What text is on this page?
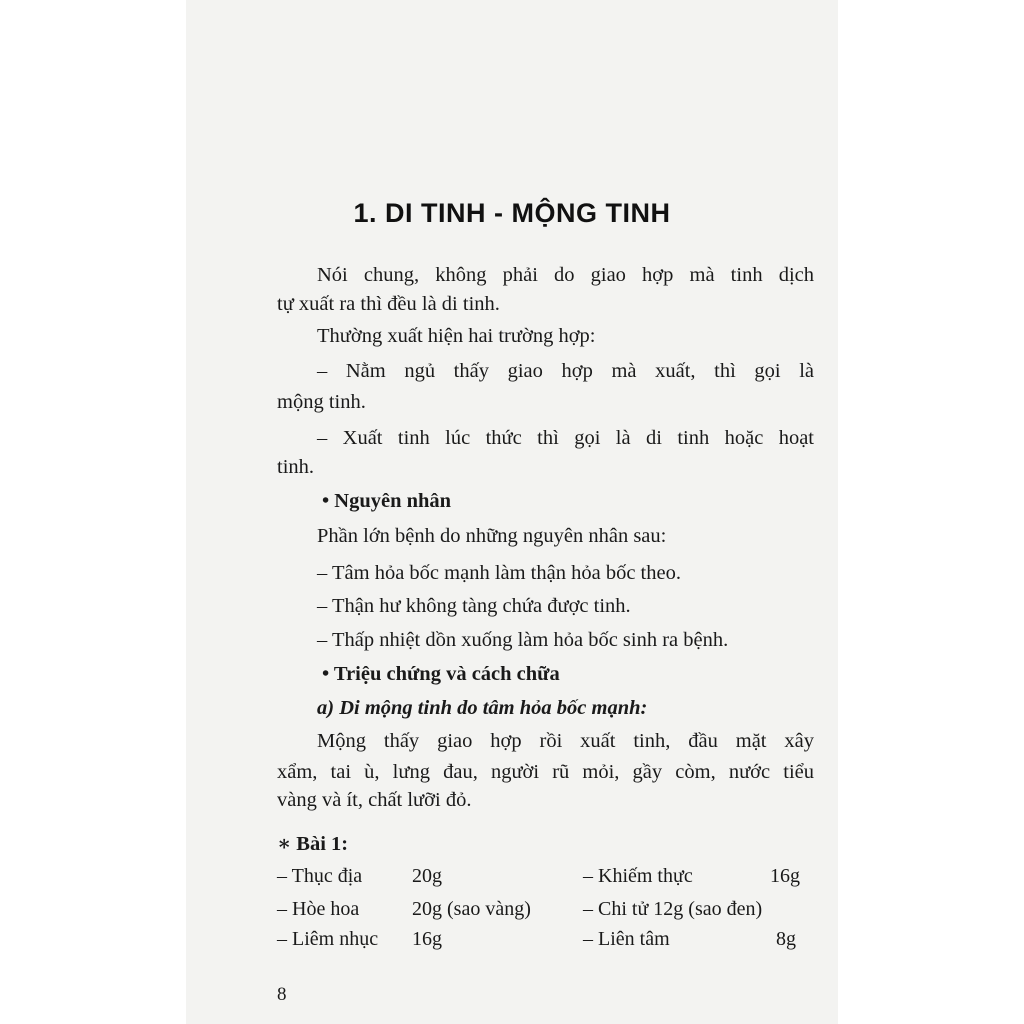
1. DI TINH - MỘNG TINH
Nói chung, không phải do giao hợp mà tinh dịch
tự xuất ra thì đều là di tinh.
Thường xuất hiện hai trường hợp:
– Nằm ngủ thấy giao hợp mà xuất, thì gọi là
mộng tinh.
– Xuất tinh lúc thức thì gọi là di tinh hoặc hoạt
tinh.
• Nguyên nhân
Phần lớn bệnh do những nguyên nhân sau:
– Tâm hỏa bốc mạnh làm thận hỏa bốc theo.
– Thận hư không tàng chứa được tinh.
– Thấp nhiệt dồn xuống làm hỏa bốc sinh ra bệnh.
• Triệu chứng và cách chữa
a) Di mộng tinh do tâm hỏa bốc mạnh:
Mộng thấy giao hợp rồi xuất tinh, đầu mặt xây
xẩm, tai ù, lưng đau, người rũ mỏi, gầy còm, nước tiểu
vàng và ít, chất lưỡi đỏ.
∗ Bài 1:
– Thục địa 20g	– Khiếm thực	16g
– Hòe hoa	20g (sao vàng)	– Chi tử 12g (sao đen)
– Liêm nhục 16g	– Liên tâm	8g
8
